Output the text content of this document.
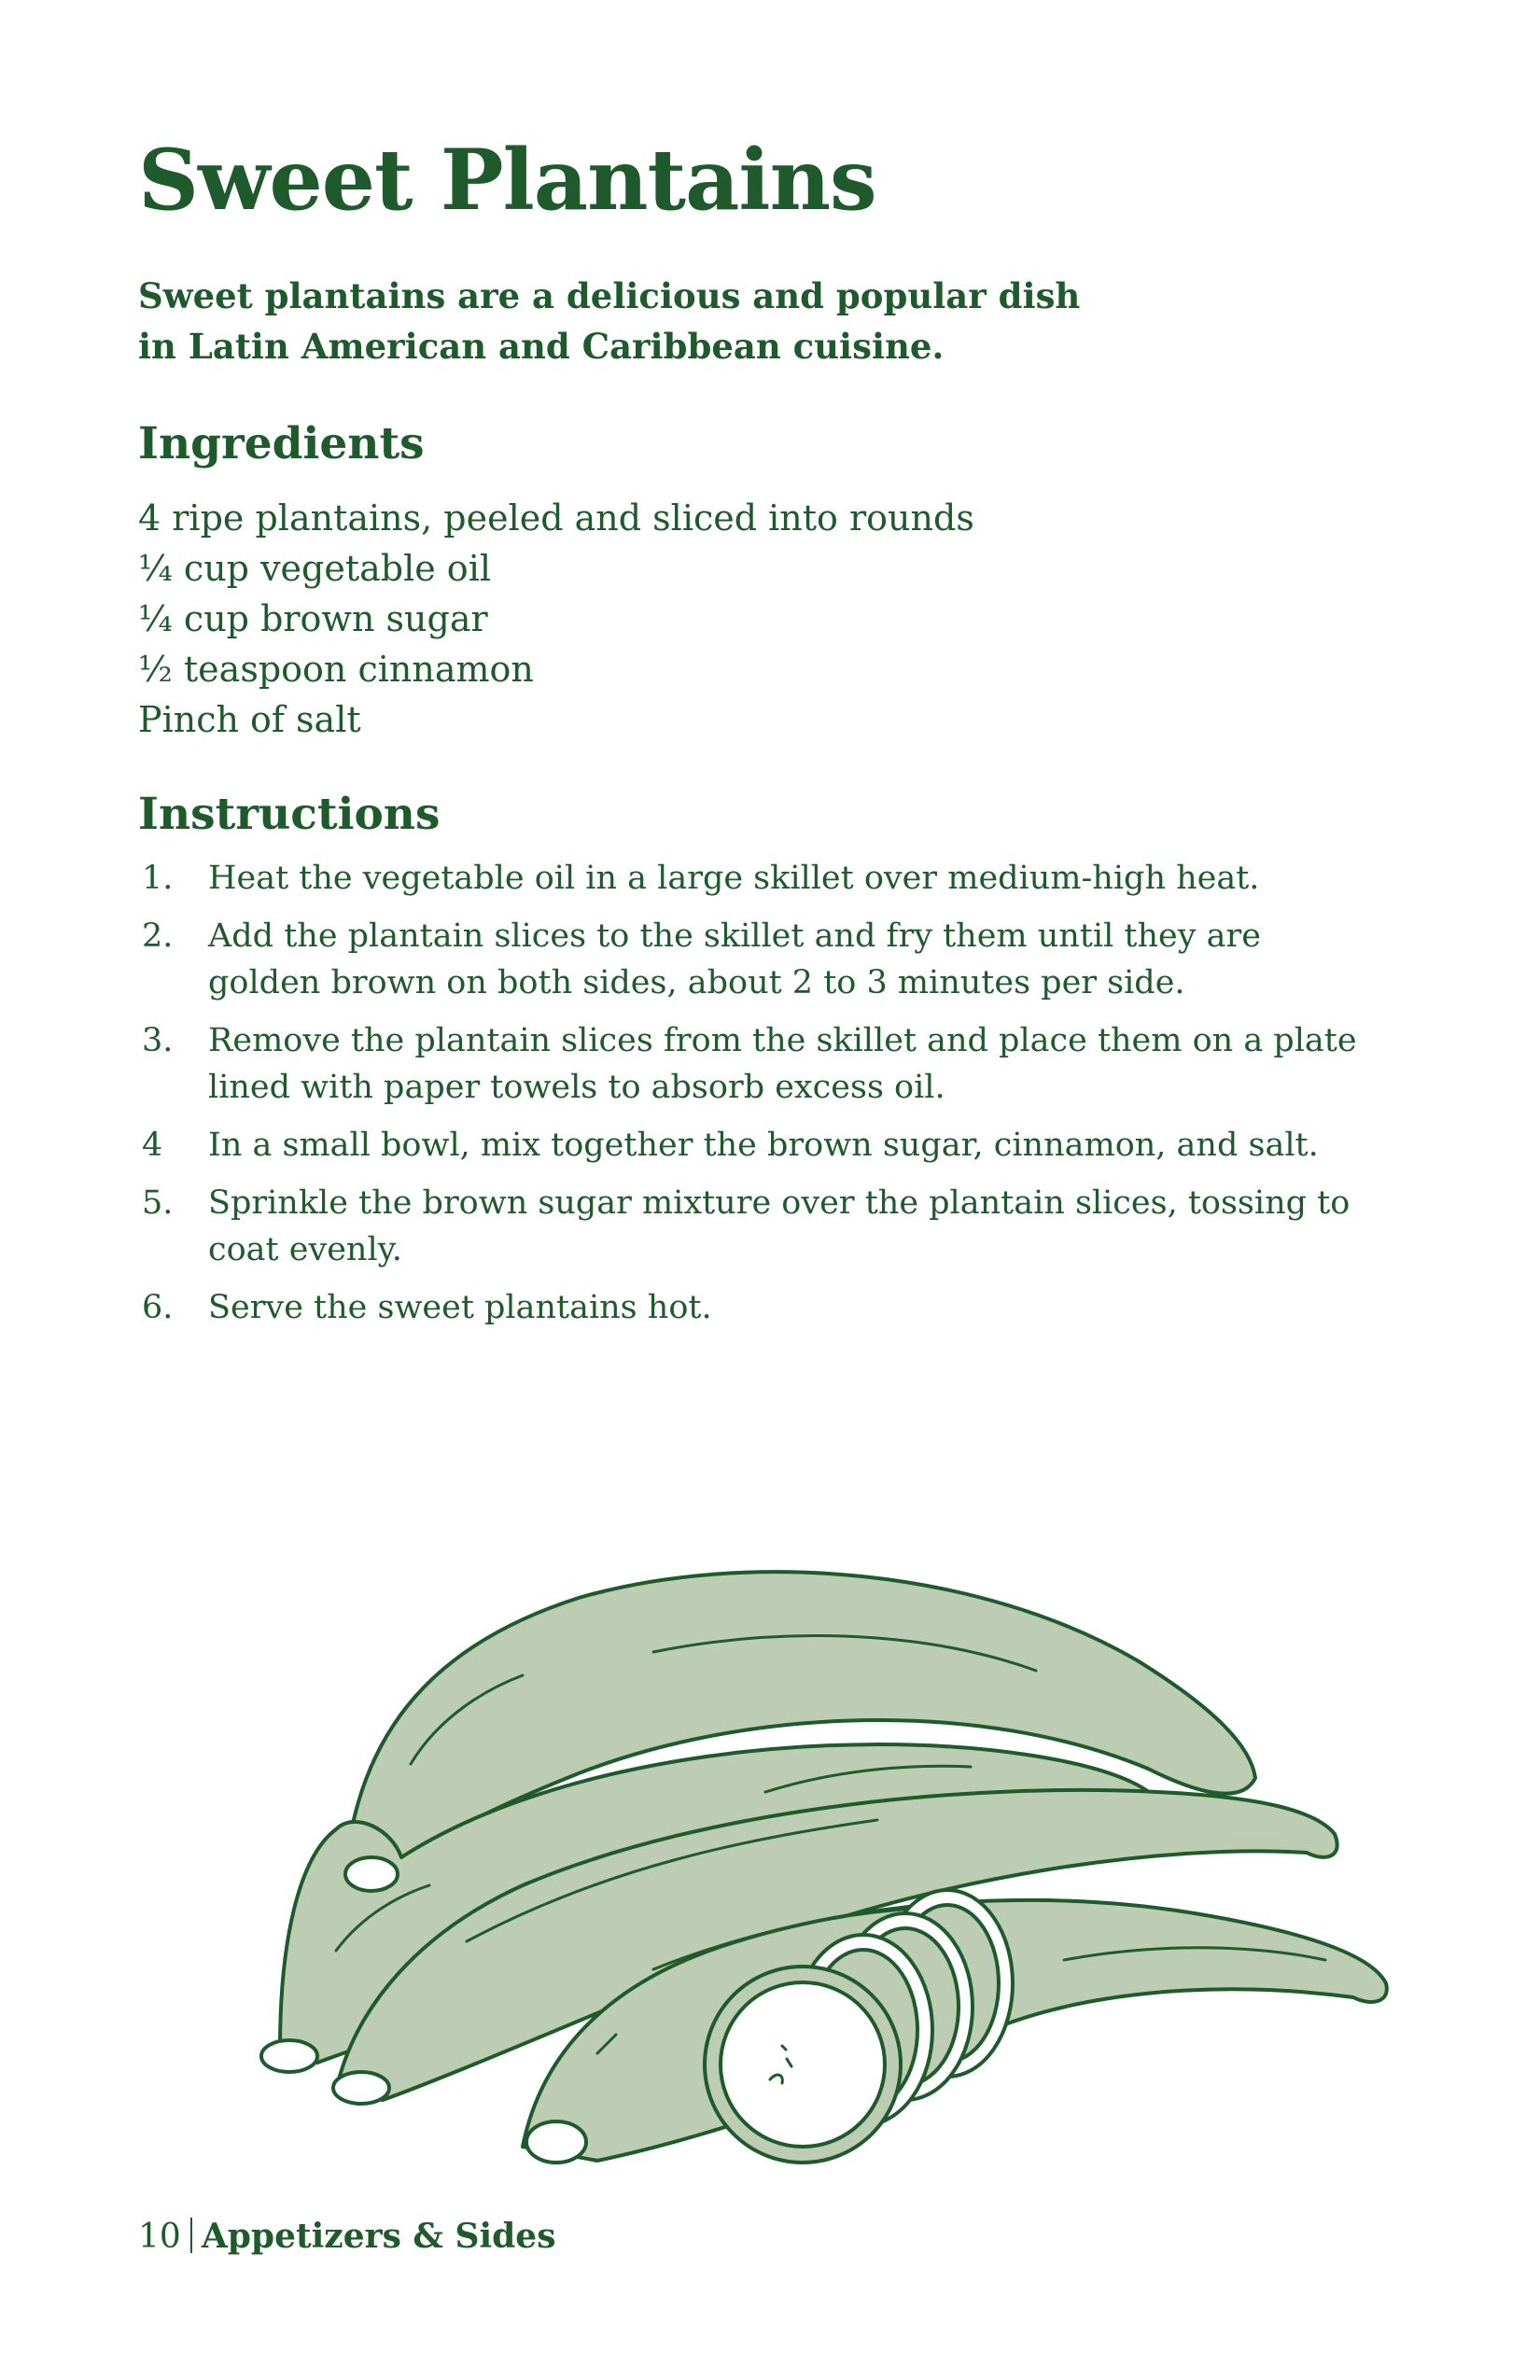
Sweet Plantains
Sweet plantains are a delicious and popular dish
in Latin American and Caribbean cuisine.
Ingredients
4 ripe plantains, peeled and sliced into rounds
¼ cup vegetable oil
¼ cup brown sugar
½ teaspoon cinnamon
Pinch of salt
Instructions
1. Heat the vegetable oil in a large skillet over medium-high heat.
2. Add the plantain slices to the skillet and fry them until they are golden brown on both sides, about 2 to 3 minutes per side.
3. Remove the plantain slices from the skillet and place them on a plate lined with paper towels to absorb excess oil.
4 In a small bowl, mix together the brown sugar, cinnamon, and salt.
5. Sprinkle the brown sugar mixture over the plantain slices, tossing to coat evenly.
6. Serve the sweet plantains hot.
10 Appetizers & Sides
